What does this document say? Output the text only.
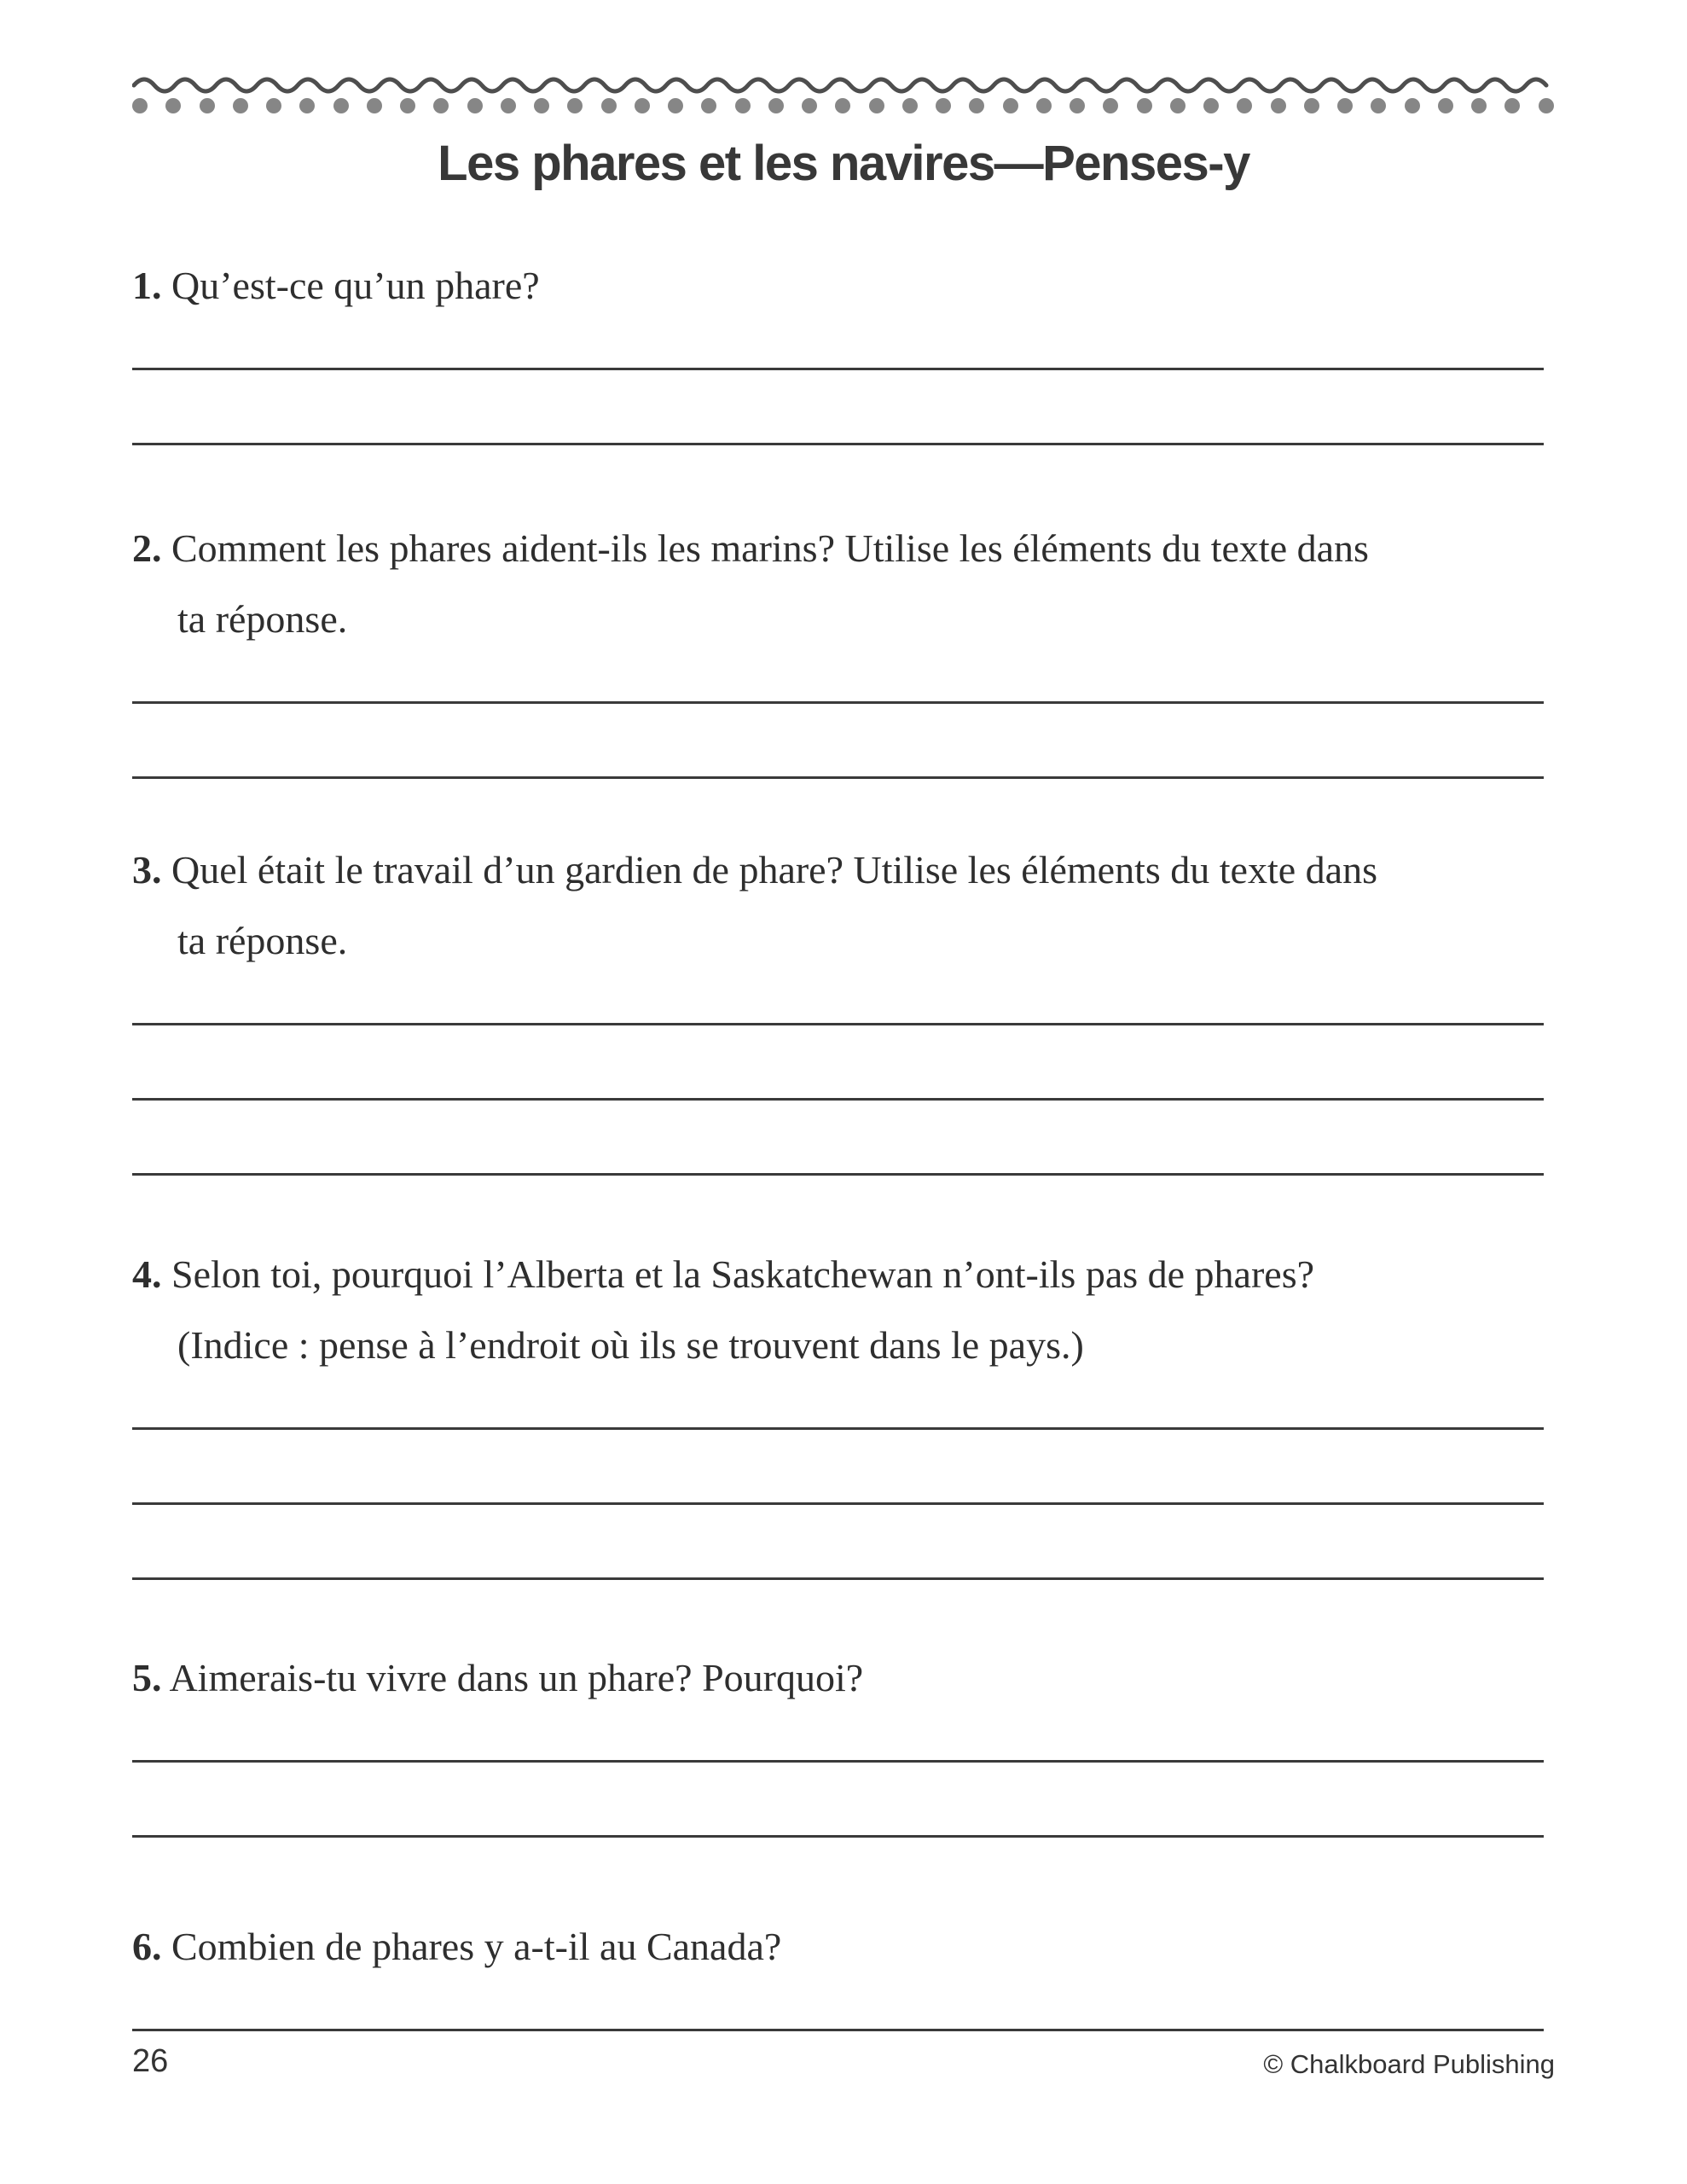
Les phares et les navires—Penses-y

1. Qu’est-ce qu’un phare?

2. Comment les phares aident-ils les marins? Utilise les éléments du texte dans
ta réponse.

3. Quel était le travail d’un gardien de phare? Utilise les éléments du texte dans
ta réponse.

4. Selon toi, pourquoi l’Alberta et la Saskatchewan n’ont-ils pas de phares?
(Indice : pense à l’endroit où ils se trouvent dans le pays.)

5. Aimerais-tu vivre dans un phare? Pourquoi?

6. Combien de phares y a-t-il au Canada?

26	© Chalkboard Publishing
